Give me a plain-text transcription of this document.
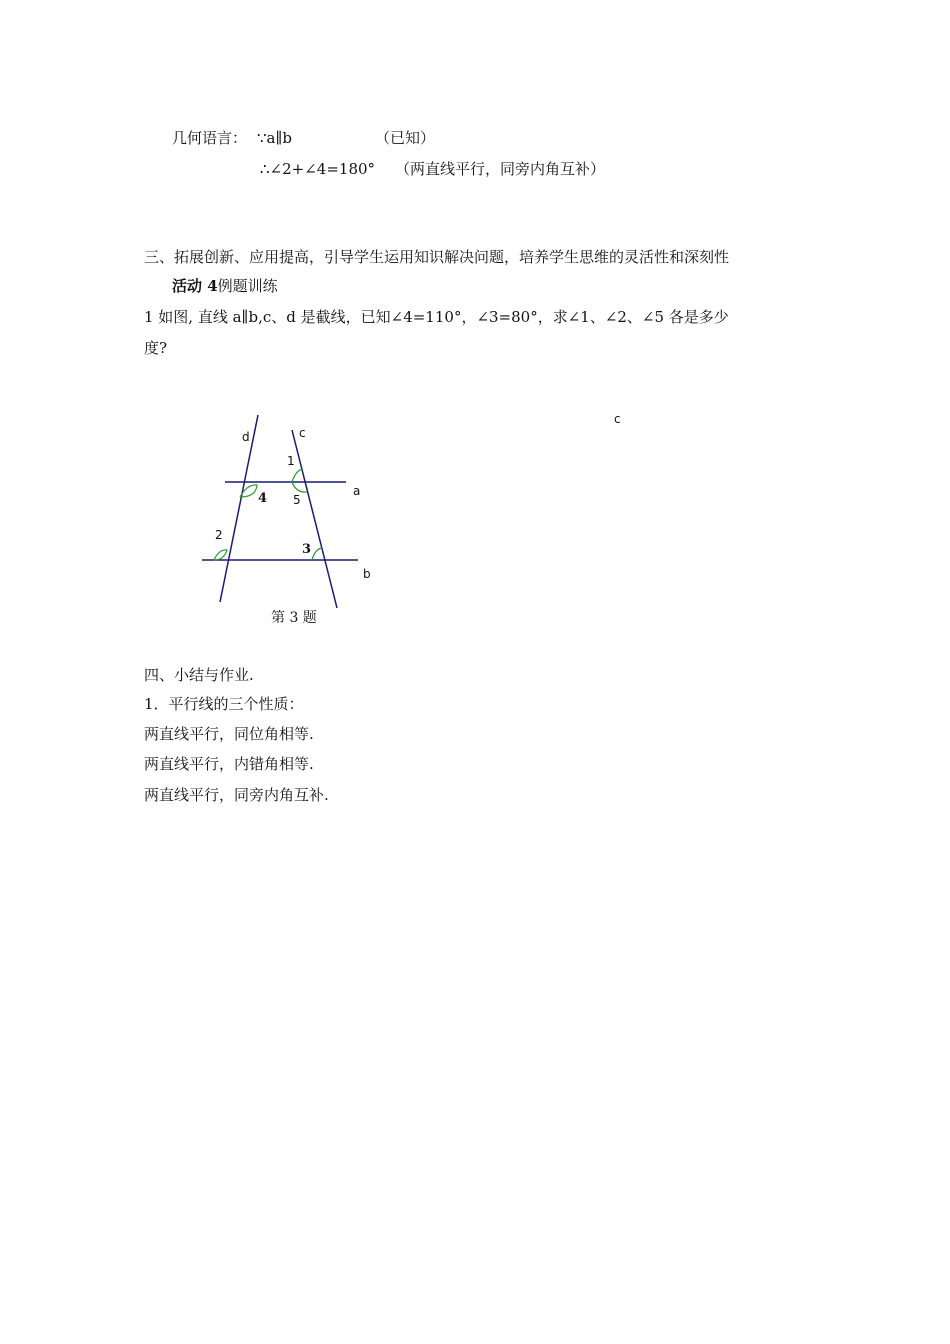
几何语言： ∵a∥b	（已知）
∴∠2+∠4=180° （两直线平行，同旁内角互补）
三、拓展创新、应用提高，引导学生运用知识解决问题，培养学生思维的灵活性和深刻性
活动 4例题训练
1 如图, 直线 a∥b,c、d 是截线，已知∠4=110°，∠3=80°，求∠1、∠2、∠5 各是多少
度?
d	c
a
b
1
4 5
2
3
第 3 题
c
四、小结与作业.
1．平行线的三个性质：
两直线平行，同位角相等.
两直线平行，内错角相等.
两直线平行，同旁内角互补.
